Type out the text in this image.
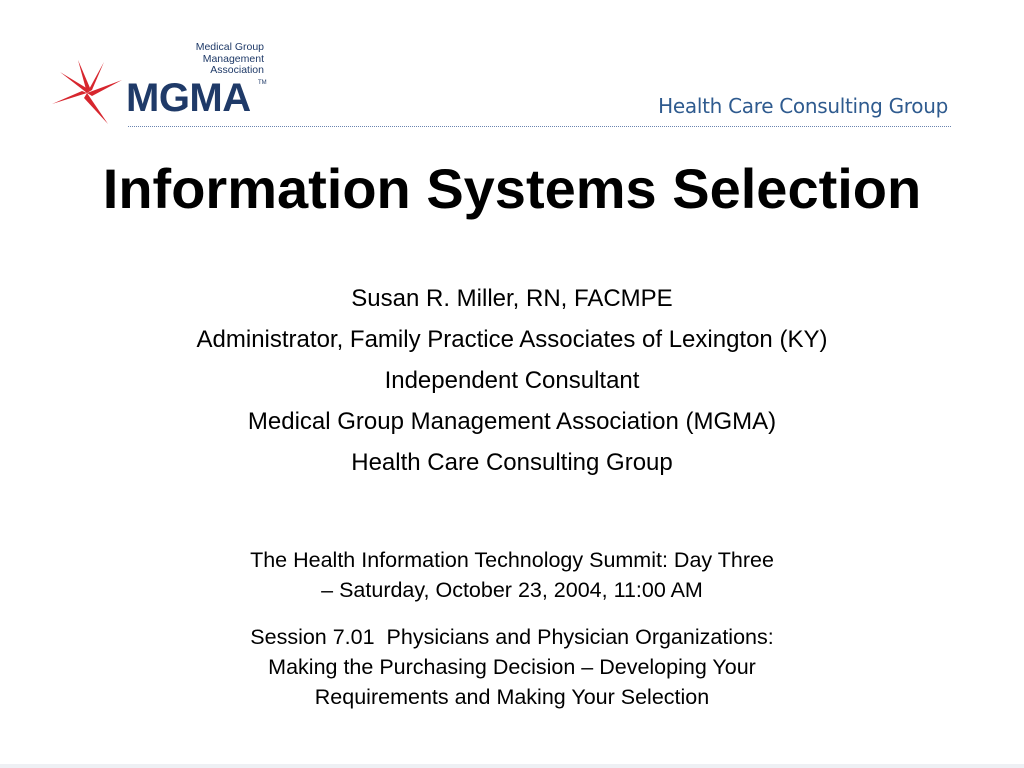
Medical Group
Management
Association
MGMA TM
Health Care Consulting Group
Information Systems Selection
Susan R. Miller, RN, FACMPE
Administrator, Family Practice Associates of Lexington (KY)
Independent Consultant
Medical Group Management Association (MGMA)
Health Care Consulting Group
The Health Information Technology Summit: Day Three
– Saturday, October 23, 2004, 11:00 AM
Session 7.01  Physicians and Physician Organizations:
Making the Purchasing Decision – Developing Your
Requirements and Making Your Selection
